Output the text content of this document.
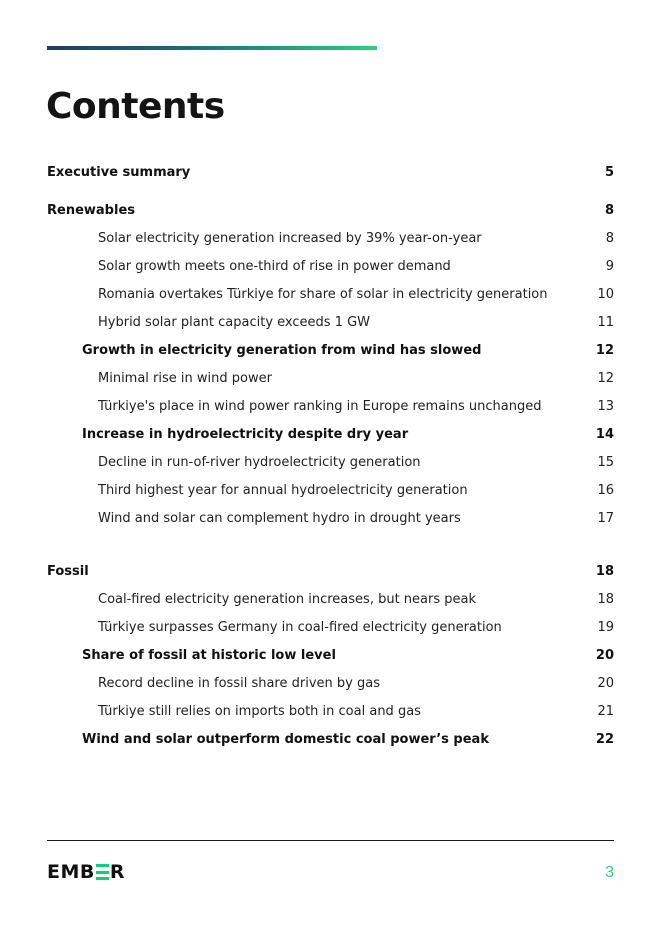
Contents
Executive summary	5
Renewables	8
Solar electricity generation increased by 39% year-on-year	8
Solar growth meets one-third of rise in power demand	9
Romania overtakes Türkiye for share of solar in electricity generation	10
Hybrid solar plant capacity exceeds 1 GW	11
Growth in electricity generation from wind has slowed	12
Minimal rise in wind power	12
Türkiye's place in wind power ranking in Europe remains unchanged	13
Increase in hydroelectricity despite dry year	14
Decline in run-of-river hydroelectricity generation	15
Third highest year for annual hydroelectricity generation	16
Wind and solar can complement hydro in drought years	17
Fossil	18
Coal-fired electricity generation increases, but nears peak	18
Türkiye surpasses Germany in coal-fired electricity generation	19
Share of fossil at historic low level	20
Record decline in fossil share driven by gas	20
Türkiye still relies on imports both in coal and gas	21
Wind and solar outperform domestic coal power’s peak	22
EMB R	3
